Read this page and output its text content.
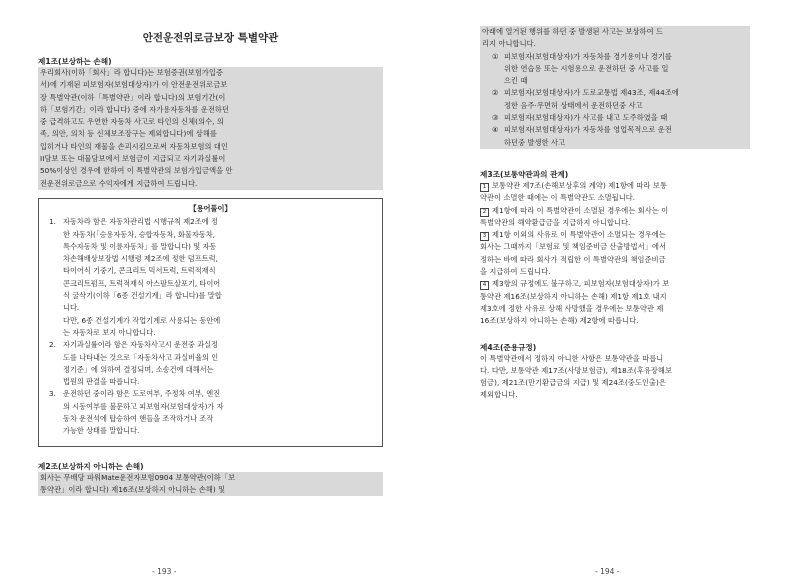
안전운전위로금보장 특별약관
제1조(보상하는 손해)
우리회사(이하「회사」라 합니다)는 보험증권(보험가입증
서)에 기재된 피보험자(보험대상자)가 이 안전운전위로금보
장 특별약관(이하「특별약관」이라 합니다)의 보험기간(이
하「보험기간」이라 합니다) 중에 자가용자동차를 운전하던
중 급격하고도 우연한 자동차 사고로 타인의 신체(의수, 의
족, 의안, 의치 등 신체보조장구는 제외합니다)에 상해를
입히거나 타인의 재물을 손괴시킴으로써 자동차보험의 대인
II담보 또는 대물담보에서 보험금이 지급되고 자기과실률이
50%이상인 경우에 한하여 이 특별약관의 보험가입금액을 안
전운전위로금으로 수익자에게 지급하여 드립니다.
【용어풀이】
1. 자동차라 함은 자동차관리법 시행규칙 제2조에 정
한 자동차(「승용자동차, 승합자동차, 화물자동차,
특수자동차 및 이륜자동차」를 말합니다) 및 자동
차손해배상보장법 시행령 제2조에 정한 덤프트럭,
타이어식 기중기, 콘크리트 믹서트럭, 트럭적재식
콘크리트펌프, 트럭적재식 아스팔트살포기, 타이어
식 굴삭기(이하「6종 건설기계」라 합니다)를 말합
니다.
다만, 6종 건설기계가 작업기계로 사용되는 동안에
는 자동차로 보지 아니합니다.
2. 자기과실률이라 함은 자동차사고시 운전중 과실정
도를 나타내는 것으로「자동차사고 과실비율의 인
정기준」에 의하여 결정되며, 소송건에 대해서는
법원의 판결을 따릅니다.
3. 운전하던 중이라 함은 도로여부, 주정차 여부, 엔진
의 시동여부를 불문하고 피보험자(보험대상자)가 자
동차 운전석에 탑승하여 핸들을 조작하거나 조작
가능한 상태를 말합니다.
제2조(보상하지 아니하는 손해)
회사는 무배당 파워Mate운전자보험0904 보통약관(이하「보
통약관」이라 합니다) 제16조(보상하지 아니하는 손해) 및
- 193 -
아래에 열거된 행위를 하던 중 발생된 사고는 보상하여 드
리지 아니합니다.
① 피보험자(보험대상자)가 자동차를 경기용이나 경기를
위한 연습용 또는 시험용으로 운전하던 중 사고를 일
으킨 때
② 피보험자(보험대상자)가 도로교통법 제43조, 제44조에
정한 음주·무면허 상태에서 운전하던중 사고
③ 피보험자(보험대상자)가 사고를 내고 도주하였을 때
④ 피보험자(보험대상자)가 자동차를 영업목적으로 운전
하던중 발생한 사고
제3조(보통약관과의 관계)
1 보통약관 제7조(손해보상후의 계약) 제1항에 따라 보통
약관이 소멸한 때에는 이 특별약관도 소멸됩니다.
2 제1항에 따라 이 특별약관이 소멸된 경우에는 회사는 이
특별약관의 해약환급금을 지급하지 아니합니다.
3 제1항 이외의 사유로 이 특별약관이 소멸되는 경우에는
회사는 그때까지「보험료 및 책임준비금 산출방법서」에서
정하는 바에 따라 회사가 적립한 이 특별약관의 책임준비금
을 지급하여 드립니다.
4 제3항의 규정에도 불구하고, 피보험자(보험대상자)가 보
통약관 제16조(보상하지 아니하는 손해) 제1항 제1호 내지
제3호에 정한 사유로 상해 사망했을 경우에는 보통약관 제
16조(보상하지 아니하는 손해) 제2항에 따릅니다.
제4조(준용규정)
이 특별약관에서 정하지 아니한 사항은 보통약관을 따릅니
다. 다만, 보통약관 제17조(사망보험금), 제18조(후유장해보
험금), 제21조(만기환급금의 지급) 및 제24조(중도인출)은
제외합니다.
- 194 -
